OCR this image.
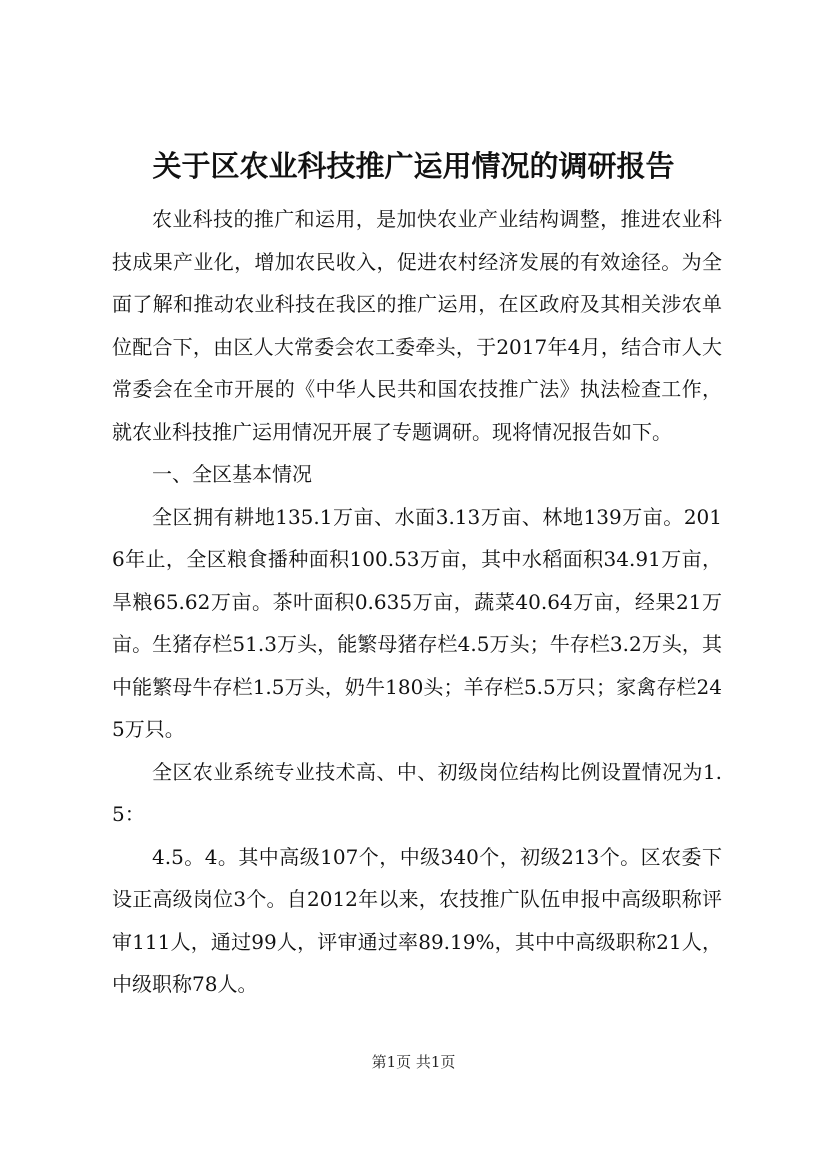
关于区农业科技推广运用情况的调研报告

农业科技的推广和运用，是加快农业产业结构调整，推进农业科技成果产业化，增加农民收入，促进农村经济发展的有效途径。为全面了解和推动农业科技在我区的推广运用，在区政府及其相关涉农单位配合下，由区人大常委会农工委牵头，于2017年4月，结合市人大常委会在全市开展的《中华人民共和国农技推广法》执法检查工作，就农业科技推广运用情况开展了专题调研。现将情况报告如下。

一、全区基本情况

全区拥有耕地135.1万亩、水面3.13万亩、林地139万亩。2016年止，全区粮食播种面积100.53万亩，其中水稻面积34.91万亩，旱粮65.62万亩。茶叶面积0.635万亩，蔬菜40.64万亩，经果21万亩。生猪存栏51.3万头，能繁母猪存栏4.5万头；牛存栏3.2万头，其中能繁母牛存栏1.5万头，奶牛180头；羊存栏5.5万只；家禽存栏245万只。

全区农业系统专业技术高、中、初级岗位结构比例设置情况为1.5：

4.5。4。其中高级107个，中级340个，初级213个。区农委下设正高级岗位3个。自2012年以来，农技推广队伍申报中高级职称评审111人，通过99人，评审通过率89.19%，其中中高级职称21人，中级职称78人。

第1页 共1页
